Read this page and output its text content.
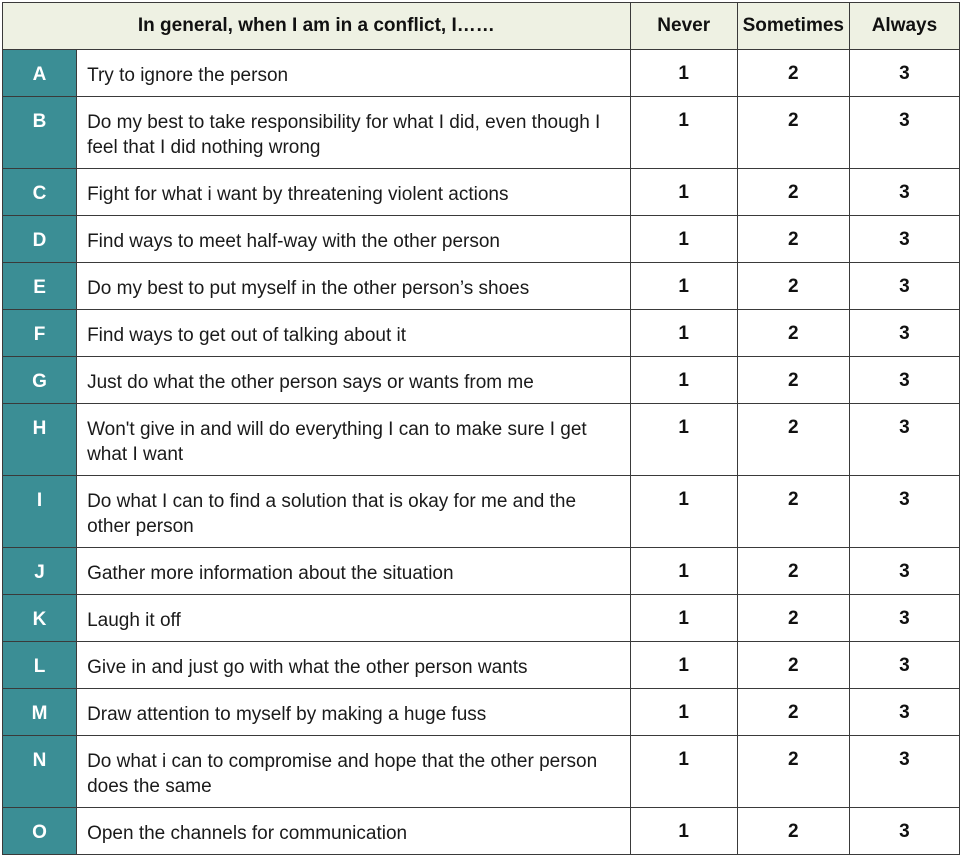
In general, when I am in a conflict, I……		Never	Sometimes	Always
A	Try to ignore the person	1	2	3
B	Do my best to take responsibility for what I did, even though I feel that I did nothing wrong	1	2	3
C	Fight for what i want by threatening violent actions	1	2	3
D	Find ways to meet half-way with the other person	1	2	3
E	Do my best to put myself in the other person’s shoes	1	2	3
F	Find ways to get out of talking about it	1	2	3
G	Just do what the other person says or wants from me	1	2	3
H	Won't give in and will do everything I can to make sure I get what I want	1	2	3
I	Do what I can to find a solution that is okay for me and the other person	1	2	3
J	Gather more information about the situation	1	2	3
K	Laugh it off	1	2	3
L	Give in and just go with what the other person wants	1	2	3
M	Draw attention to myself by making a huge fuss	1	2	3
N	Do what i can to compromise and hope that the other person does the same	1	2	3
O	Open the channels for communication	1	2	3
